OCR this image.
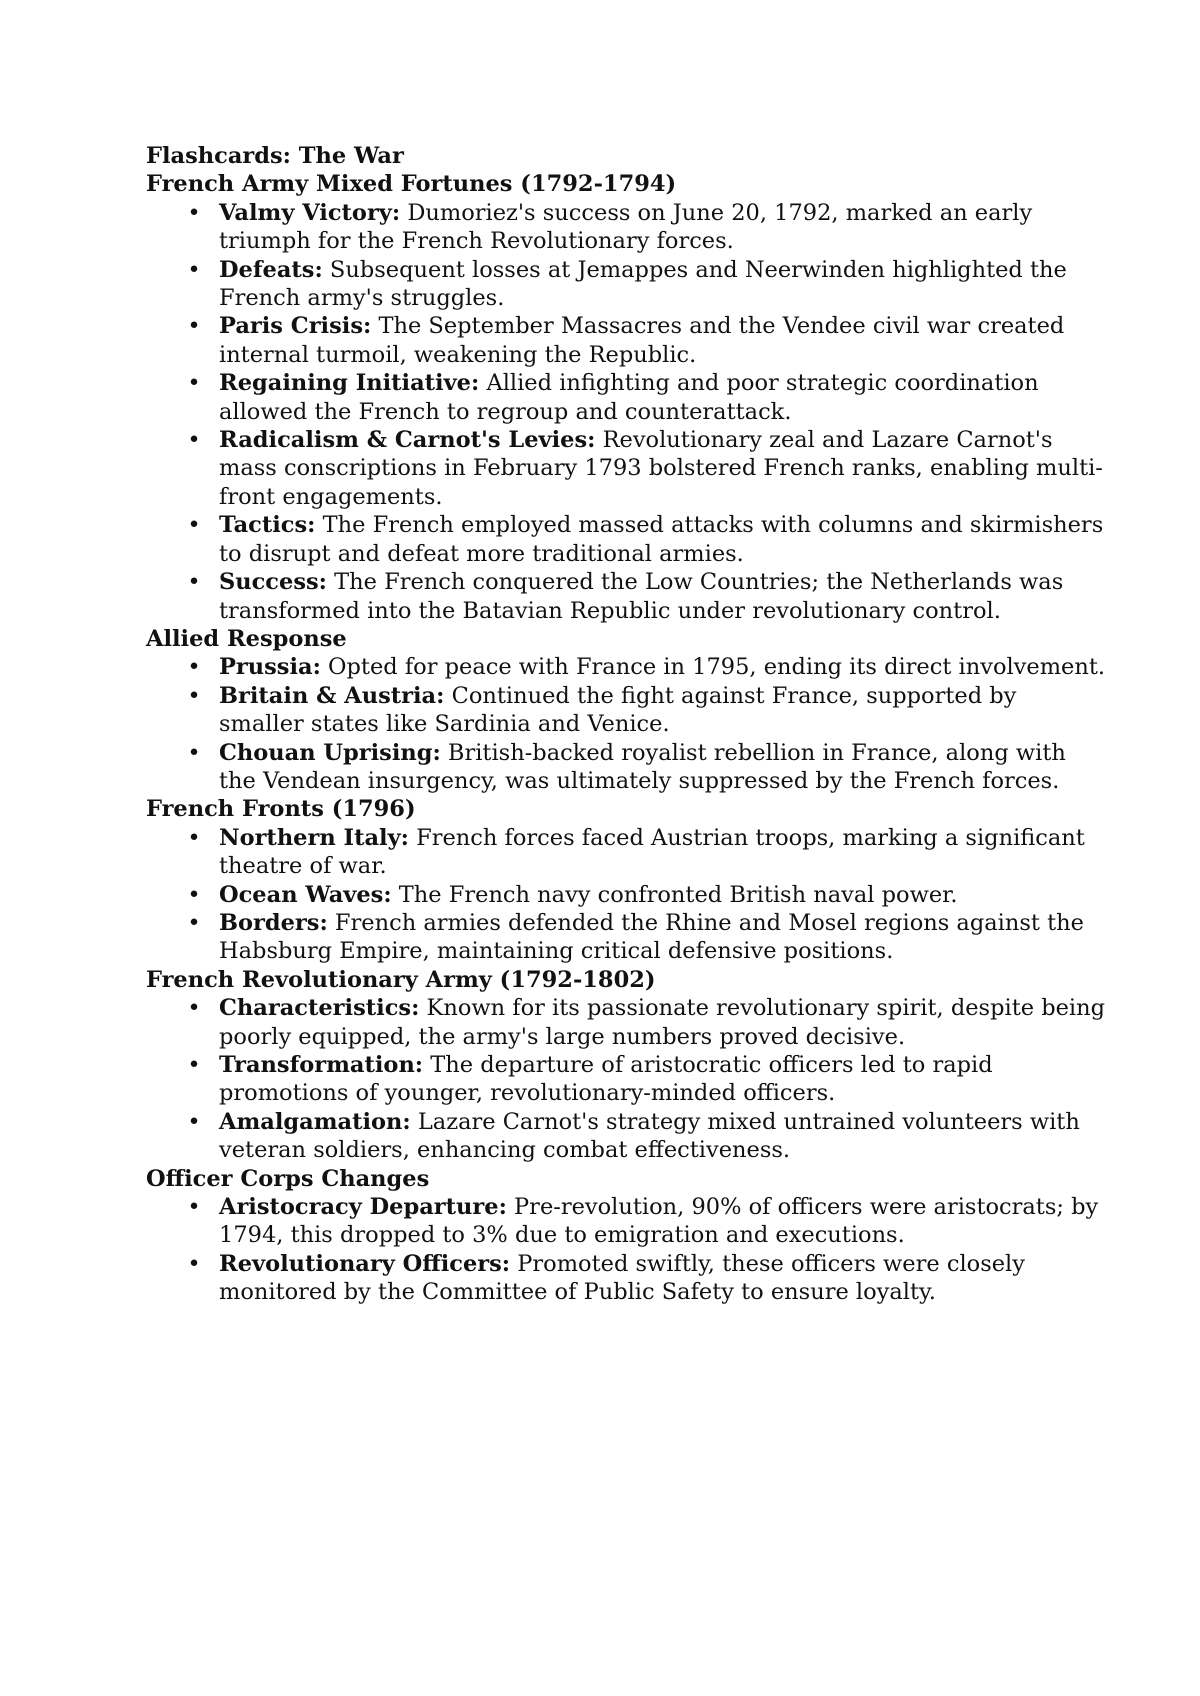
Flashcards: The War
French Army Mixed Fortunes (1792-1794)
• Valmy Victory: Dumoriez's success on June 20, 1792, marked an early triumph for the French Revolutionary forces.
• Defeats: Subsequent losses at Jemappes and Neerwinden highlighted the French army's struggles.
• Paris Crisis: The September Massacres and the Vendee civil war created internal turmoil, weakening the Republic.
• Regaining Initiative: Allied infighting and poor strategic coordination allowed the French to regroup and counterattack.
• Radicalism & Carnot's Levies: Revolutionary zeal and Lazare Carnot's mass conscriptions in February 1793 bolstered French ranks, enabling multi-front engagements.
• Tactics: The French employed massed attacks with columns and skirmishers to disrupt and defeat more traditional armies.
• Success: The French conquered the Low Countries; the Netherlands was transformed into the Batavian Republic under revolutionary control.
Allied Response
• Prussia: Opted for peace with France in 1795, ending its direct involvement.
• Britain & Austria: Continued the fight against France, supported by smaller states like Sardinia and Venice.
• Chouan Uprising: British-backed royalist rebellion in France, along with the Vendean insurgency, was ultimately suppressed by the French forces.
French Fronts (1796)
• Northern Italy: French forces faced Austrian troops, marking a significant theatre of war.
• Ocean Waves: The French navy confronted British naval power.
• Borders: French armies defended the Rhine and Mosel regions against the Habsburg Empire, maintaining critical defensive positions.
French Revolutionary Army (1792-1802)
• Characteristics: Known for its passionate revolutionary spirit, despite being poorly equipped, the army's large numbers proved decisive.
• Transformation: The departure of aristocratic officers led to rapid promotions of younger, revolutionary-minded officers.
• Amalgamation: Lazare Carnot's strategy mixed untrained volunteers with veteran soldiers, enhancing combat effectiveness.
Officer Corps Changes
• Aristocracy Departure: Pre-revolution, 90% of officers were aristocrats; by 1794, this dropped to 3% due to emigration and executions.
• Revolutionary Officers: Promoted swiftly, these officers were closely monitored by the Committee of Public Safety to ensure loyalty.
